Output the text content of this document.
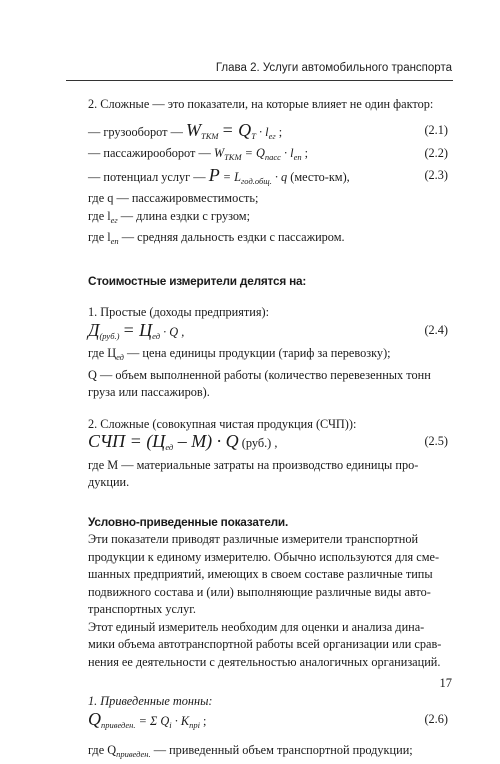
Глава 2. Услуги автомобильного транспорта
2. Сложные — это показатели, на которые влияет не один фактор:
— грузооборот — $W_{ТКМ} = Q_Т \cdot l_{ег}$ ;	(2.1)
— пассажирооборот — $W_{ТКМ} = Q_{пасс} \cdot l_{еп}$ ;	(2.2)
— потенциал услуг — $P = L_{год.общ.} \cdot q$ (место-км),	(2.3)
где q — пассажировместимость;
где $l_{ег}$ — длина ездки с грузом;
где $l_{еп}$ — средняя дальность ездки с пассажиром.
Стоимостные измерители делятся на:
1. Простые (доходы предприятия):
$Д_{(руб.)} = Ц_{ед} \cdot Q$ ,	(2.4)
где $Ц_{ед}$ — цена единицы продукции (тариф за перевозку);
Q — объем выполненной работы (количество перевезенных тонн
груза или пассажиров).
2. Сложные (совокупная чистая продукция (СЧП)):
СЧП = $(Ц_{ед} - М) \cdot Q$ (руб.) ,	(2.5)
где М — материальные затраты на производство единицы про-
дукции.
Условно-приведенные показатели.
Эти показатели приводят различные измерители транспортной
продукции к единому измерителю. Обычно используются для сме-
шанных предприятий, имеющих в своем составе различные типы
подвижного состава и (или) выполняющие различные виды авто-
транспортных услуг.
Этот единый измеритель необходим для оценки и анализа дина-
мики объема автотранспортной работы всей организации или срав-
нения ее деятельности с деятельностью аналогичных организаций.
1. Приведенные тонны:
$Q_{приведен.} = \Sigma$ $Q_i \cdot K_{прi}$ ;	(2.6)
где $Q_{приведен.}$ — приведенный объем транспортной продукции;
17
